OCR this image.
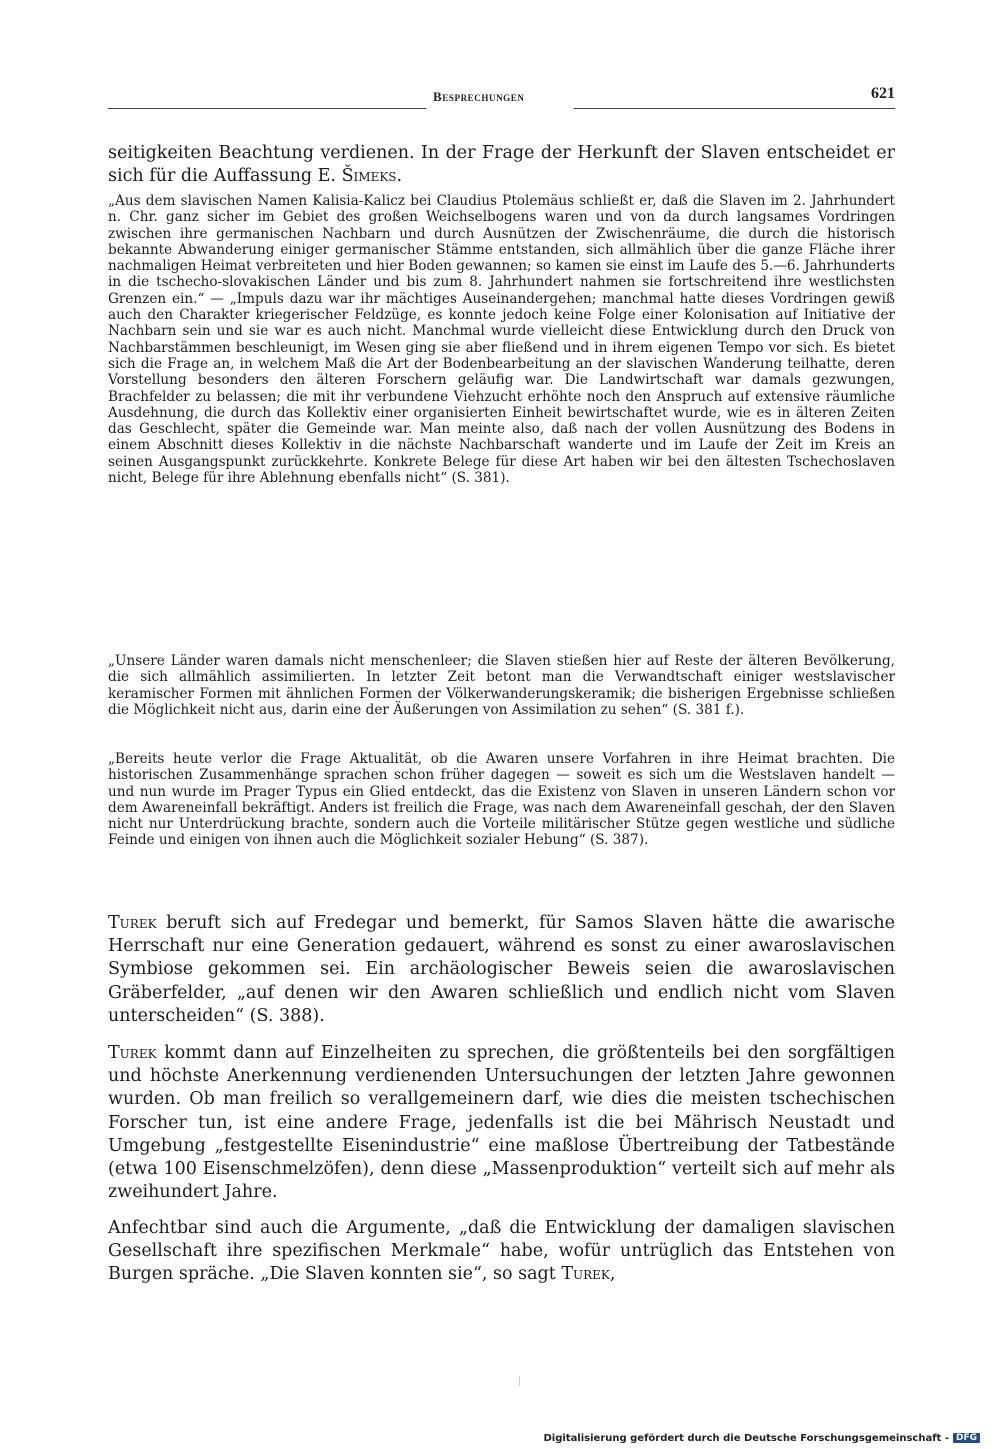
Besprechungen	621

seitigkeiten Beachtung verdienen. In der Frage der Herkunft der Slaven entscheidet er sich für die Auffassung E. Šimeks.

„Aus dem slavischen Namen Kalisia-Kalicz bei Claudius Ptolemäus schließt er, daß die Slaven im 2. Jahrhundert n. Chr. ganz sicher im Gebiet des großen Weichselbogens waren und von da durch langsames Vordringen zwischen ihre germanischen Nachbarn und durch Ausnützen der Zwischenräume, die durch die historisch bekannte Abwanderung einiger germanischer Stämme entstanden, sich allmählich über die ganze Fläche ihrer nachmaligen Heimat verbreiteten und hier Boden gewannen; so kamen sie einst im Laufe des 5.—6. Jahrhunderts in die tschecho-slovakischen Länder und bis zum 8. Jahrhundert nahmen sie fortschreitend ihre westlichsten Grenzen ein.“ — „Impuls dazu war ihr mächtiges Auseinandergehen; manchmal hatte dieses Vordringen gewiß auch den Charakter kriegerischer Feldzüge, es konnte jedoch keine Folge einer Kolonisation auf Initiative der Nachbarn sein und sie war es auch nicht. Manchmal wurde vielleicht diese Entwicklung durch den Druck von Nachbarstämmen beschleunigt, im Wesen ging sie aber fließend und in ihrem eigenen Tempo vor sich. Es bietet sich die Frage an, in welchem Maß die Art der Bodenbearbeitung an der slavischen Wanderung teilhatte, deren Vorstellung besonders den älteren Forschern geläufig war. Die Landwirtschaft war damals gezwungen, Brachfelder zu belassen; die mit ihr verbundene Viehzucht erhöhte noch den Anspruch auf extensive räumliche Ausdehnung, die durch das Kollektiv einer organisierten Einheit bewirtschaftet wurde, wie es in älteren Zeiten das Geschlecht, später die Gemeinde war. Man meinte also, daß nach der vollen Ausnützung des Bodens in einem Abschnitt dieses Kollektiv in die nächste Nachbarschaft wanderte und im Laufe der Zeit im Kreis an seinen Ausgangspunkt zurückkehrte. Konkrete Belege für diese Art haben wir bei den ältesten Tschechoslaven nicht, Belege für ihre Ablehnung ebenfalls nicht“ (S. 381).

„Unsere Länder waren damals nicht menschenleer; die Slaven stießen hier auf Reste der älteren Bevölkerung, die sich allmählich assimilierten. In letzter Zeit betont man die Verwandtschaft einiger westslavischer keramischer Formen mit ähnlichen Formen der Völkerwanderungskeramik; die bisherigen Ergebnisse schließen die Möglichkeit nicht aus, darin eine der Äußerungen von Assimilation zu sehen“ (S. 381 f.).

„Bereits heute verlor die Frage Aktualität, ob die Awaren unsere Vorfahren in ihre Heimat brachten. Die historischen Zusammenhänge sprachen schon früher dagegen — soweit es sich um die Westslaven handelt — und nun wurde im Prager Typus ein Glied entdeckt, das die Existenz von Slaven in unseren Ländern schon vor dem Awareneinfall bekräftigt. Anders ist freilich die Frage, was nach dem Awareneinfall geschah, der den Slaven nicht nur Unterdrückung brachte, sondern auch die Vorteile militärischer Stütze gegen westliche und südliche Feinde und einigen von ihnen auch die Möglichkeit sozialer Hebung“ (S. 387).

Turek beruft sich auf Fredegar und bemerkt, für Samos Slaven hätte die awarische Herrschaft nur eine Generation gedauert, während es sonst zu einer awaroslavischen Symbiose gekommen sei. Ein archäologischer Beweis seien die awaroslavischen Gräberfelder, „auf denen wir den Awaren schließlich und endlich nicht vom Slaven unterscheiden“ (S. 388).

Turek kommt dann auf Einzelheiten zu sprechen, die größtenteils bei den sorgfältigen und höchste Anerkennung verdienenden Untersuchungen der letzten Jahre gewonnen wurden. Ob man freilich so verallgemeinern darf, wie dies die meisten tschechischen Forscher tun, ist eine andere Frage, jedenfalls ist die bei Mährisch Neustadt und Umgebung „festgestellte Eisenindustrie“ eine maßlose Übertreibung der Tatbestände (etwa 100 Eisenschmelzöfen), denn diese „Massenproduktion“ verteilt sich auf mehr als zweihundert Jahre.

Anfechtbar sind auch die Argumente, „daß die Entwicklung der damaligen slavischen Gesellschaft ihre spezifischen Merkmale“ habe, wofür untrüglich das Entstehen von Burgen spräche. „Die Slaven konnten sie“, so sagt Turek,

Digitalisierung gefördert durch die Deutsche Forschungsgemeinschaft - DFG
